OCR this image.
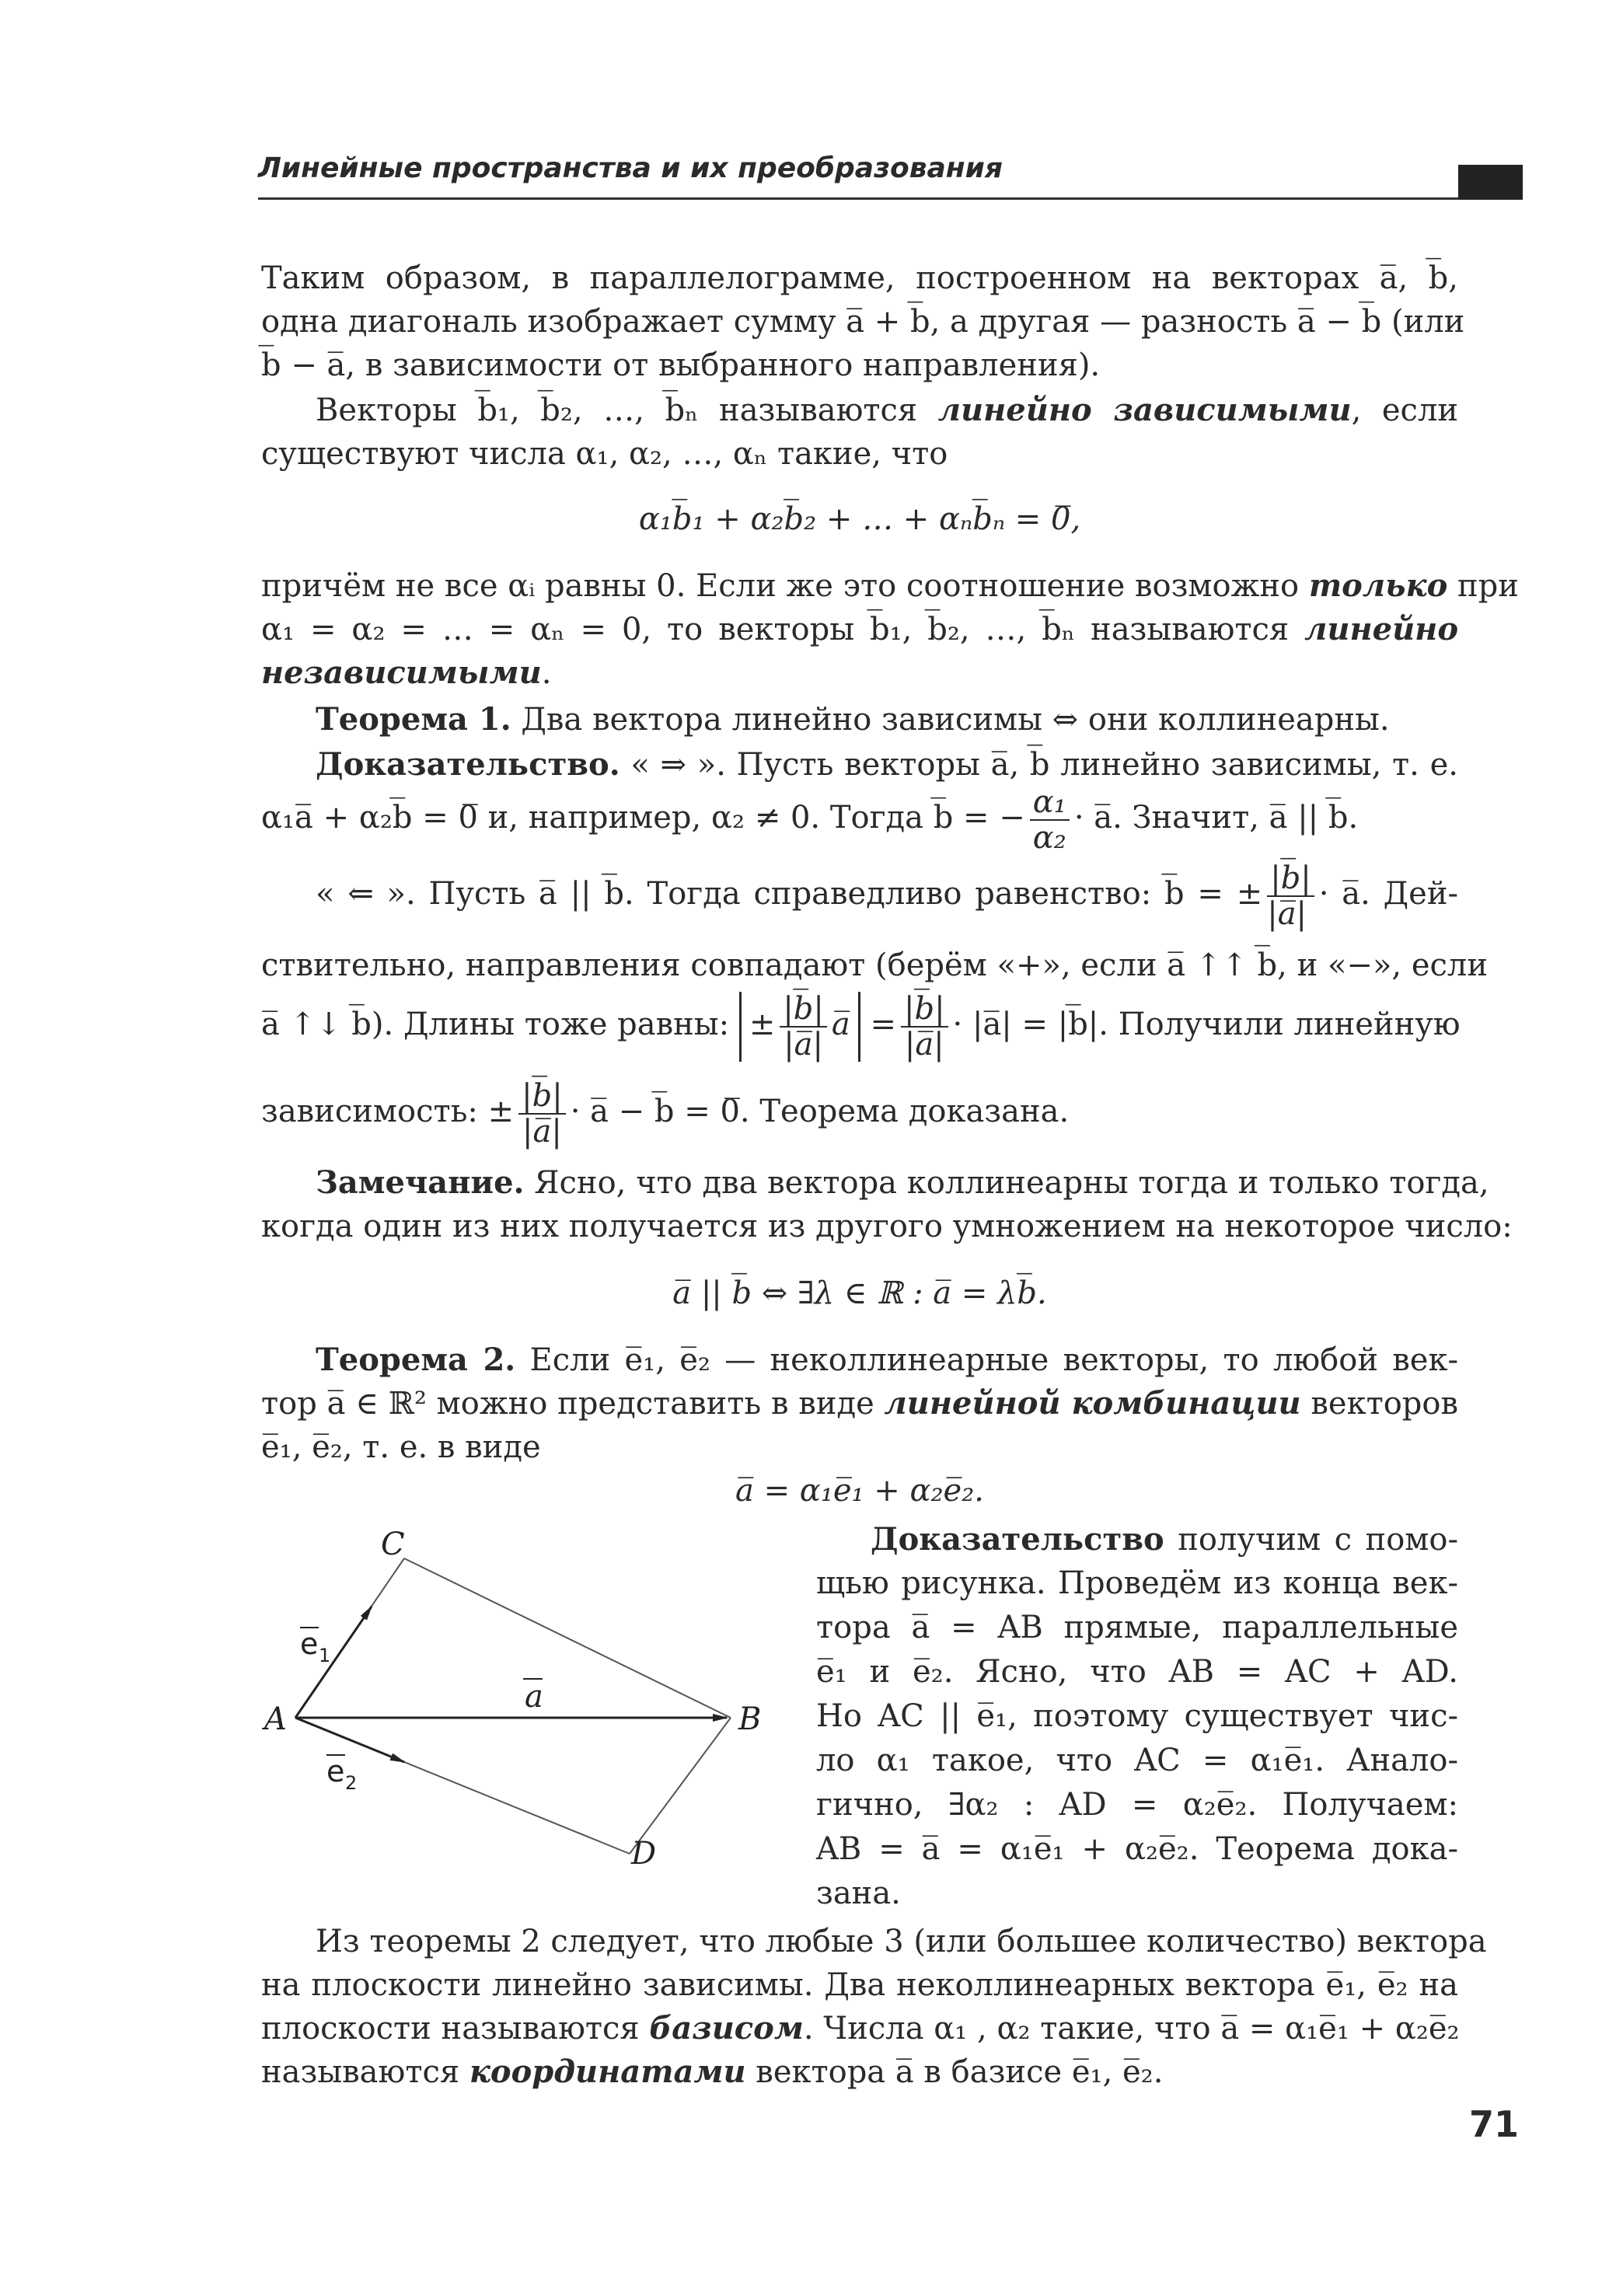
Линейные пространства и их преобразования
Таким образом, в параллелограмме, построенном на векторах a̅, b̅,
одна диагональ изображает сумму a̅ + b̅, а другая — разность a̅ − b̅ (или
b̅ − a̅, в зависимости от выбранного направления).
Векторы b̅₁, b̅₂, …, b̅ₙ называются линейно зависимыми, если
существуют числа α₁, α₂, …, αₙ такие, что
α₁b̅₁ + α₂b̅₂ + … + αₙb̅ₙ = 0̅,
причём не все αᵢ равны 0. Если же это соотношение возможно только при
α₁ = α₂ = … = αₙ = 0, то векторы b̅₁, b̅₂, …, b̅ₙ называются линейно
независимыми.
Теорема 1. Два вектора линейно зависимы ⇔ они коллинеарны.
Доказательство. « ⇒ ». Пусть векторы a̅, b̅ линейно зависимы, т. е.
α₁a̅ + α₂b̅ = 0̅ и, например, α₂ ≠ 0. Тогда b̅ = − $\frac{\text{α₁}}{\text{α₂}}$ · a̅. Значит, a̅ || b̅.
« ⇐ ». Пусть a̅ || b̅. Тогда справедливо равенство: b̅ = ± $\frac{|b̅|}{|a̅|}$ · a̅. Дей-
ствительно, направления совпадают (берём «+», если a̅ ↑↑ b̅, и «−», если
a̅ ↑↓ b̅). Длины тоже равны: ± $\frac{|b̅|}{|a̅|}$ a̅ = $\frac{|b̅|}{|a̅|}$ · |a̅| = |b̅|. Получили линейную
зависимость: ± $\frac{|b̅|}{|a̅|}$ · a̅ − b̅ = 0̅. Теорема доказана.
Замечание. Ясно, что два вектора коллинеарны тогда и только тогда,
когда один из них получается из другого умножением на некоторое число:
a̅ || b̅ ⇔ ∃λ ∈ ℝ : a̅ = λb̅.
Теорема 2. Если e̅₁, e̅₂ — неколлинеарные векторы, то любой век-
тор a̅ ∈ ℝ² можно представить в виде линейной комбинации векторов
e̅₁, e̅₂, т. е. в виде
a̅ = α₁e̅₁ + α₂e̅₂.
A	B
C
D
a
e 1
e 2
Доказательство получим с помо-
щью рисунка. Проведём из конца век-
тора a̅ = AB прямые, параллельные
e̅₁ и e̅₂. Ясно, что AB = AC + AD.
Но AC || e̅₁, поэтому существует чис-
ло α₁ такое, что AC = α₁e̅₁. Анало-
гично, ∃α₂ : AD = α₂e̅₂. Получаем:
AB = a̅ = α₁e̅₁ + α₂e̅₂. Теорема дока-
зана.
Из теоремы 2 следует, что любые 3 (или большее количество) вектора
на плоскости линейно зависимы. Два неколлинеарных вектора e̅₁, e̅₂ на
плоскости называются базисом. Числа α₁ , α₂ такие, что a̅ = α₁e̅₁ + α₂e̅₂
называются координатами вектора a̅ в базисе e̅₁, e̅₂.
71
